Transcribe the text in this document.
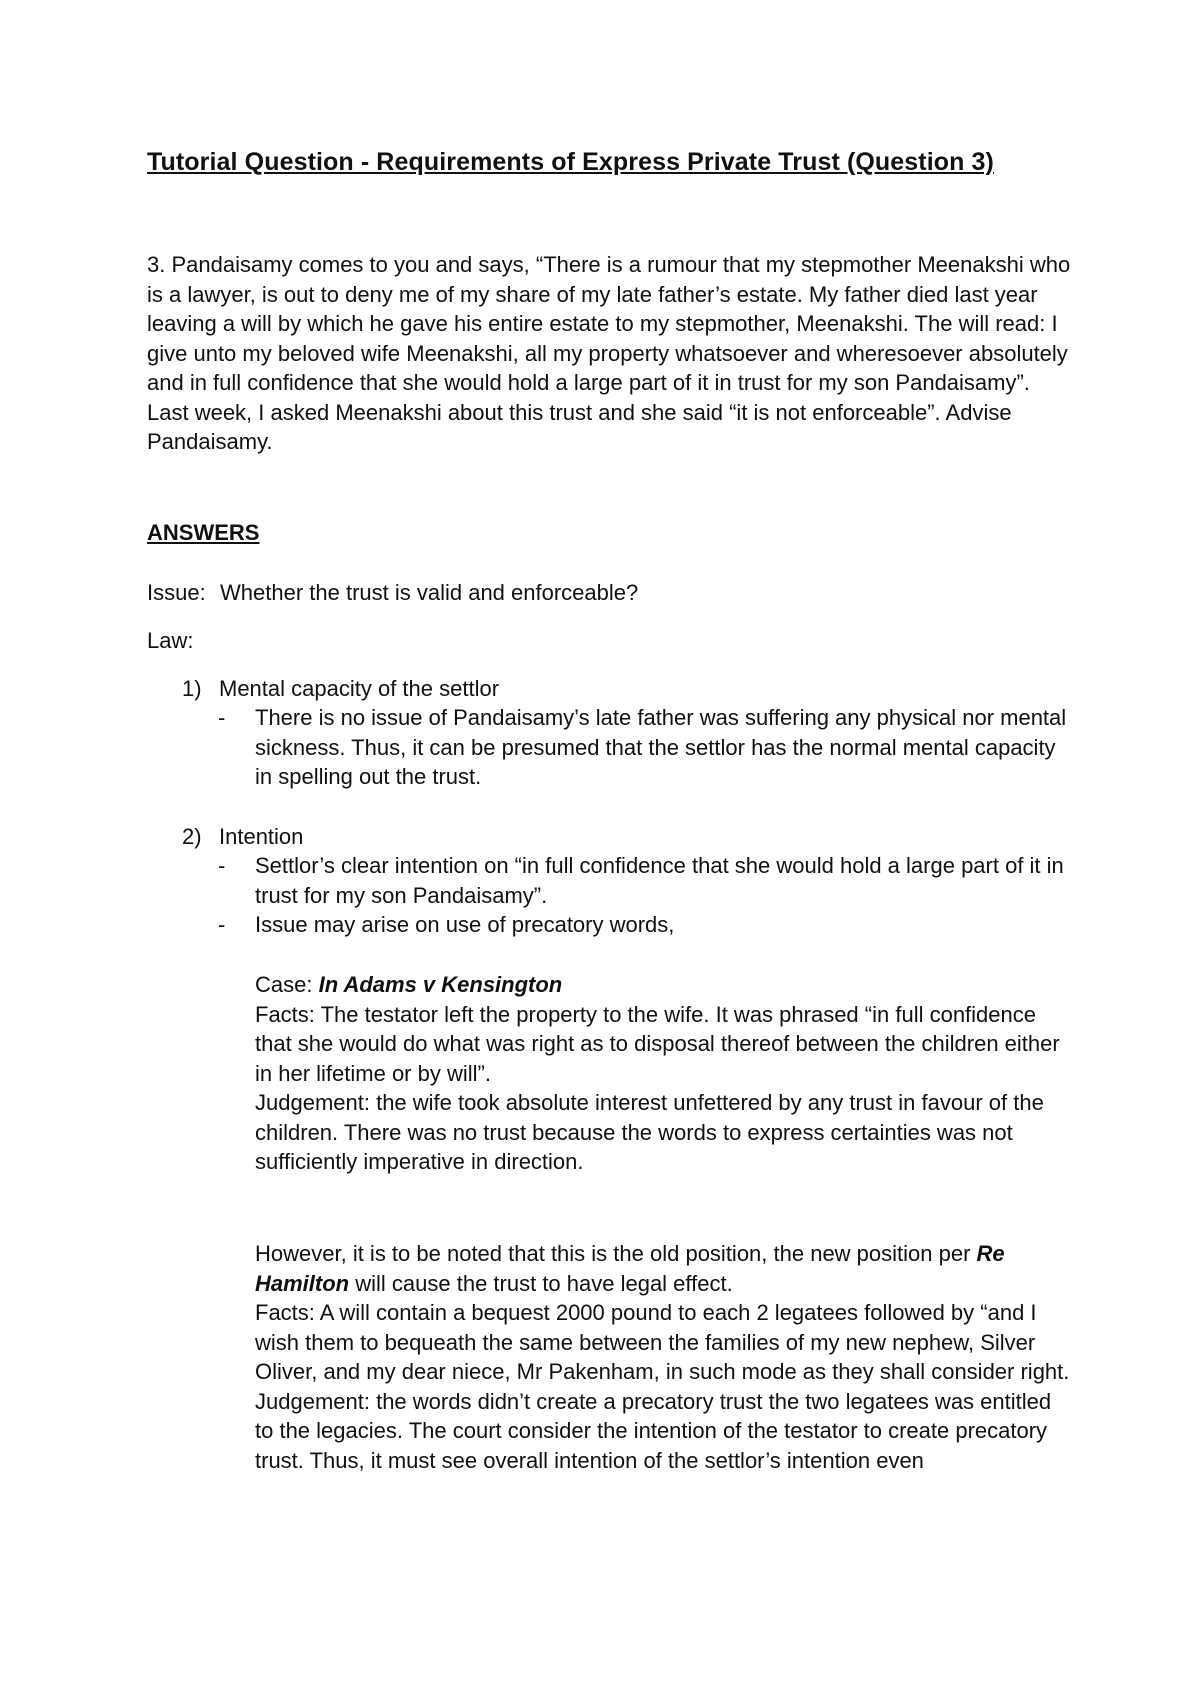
Tutorial Question - Requirements of Express Private Trust (Question 3)

3. Pandaisamy comes to you and says, “There is a rumour that my stepmother Meenakshi who is a lawyer, is out to deny me of my share of my late father’s estate. My father died last year leaving a will by which he gave his entire estate to my stepmother, Meenakshi. The will read: I give unto my beloved wife Meenakshi, all my property whatsoever and wheresoever absolutely and in full confidence that she would hold a large part of it in trust for my son Pandaisamy”. Last week, I asked Meenakshi about this trust and she said “it is not enforceable”. Advise Pandaisamy.

ANSWERS
Issue: Whether the trust is valid and enforceable?
Law:
1) Mental capacity of the settlor
- There is no issue of Pandaisamy’s late father was suffering any physical nor mental sickness. Thus, it can be presumed that the settlor has the normal mental capacity in spelling out the trust.
2) Intention
- Settlor’s clear intention on “in full confidence that she would hold a large part of it in trust for my son Pandaisamy”.
- Issue may arise on use of precatory words,

Case: In Adams v Kensington

Facts: The testator left the property to the wife. It was phrased “in full confidence that she would do what was right as to disposal thereof between the children either in her lifetime or by will”.

Judgement: the wife took absolute interest unfettered by any trust in favour of the children. There was no trust because the words to express certainties was not sufficiently imperative in direction.

However, it is to be noted that this is the old position, the new position per Re Hamilton will cause the trust to have legal effect.

Facts: A will contain a bequest 2000 pound to each 2 legatees followed by “and I wish them to bequeath the same between the families of my new nephew, Silver Oliver, and my dear niece, Mr Pakenham, in such mode as they shall consider right.

Judgement: the words didn’t create a precatory trust the two legatees was entitled to the legacies. The court consider the intention of the testator to create precatory trust. Thus, it must see overall intention of the settlor’s intention even
